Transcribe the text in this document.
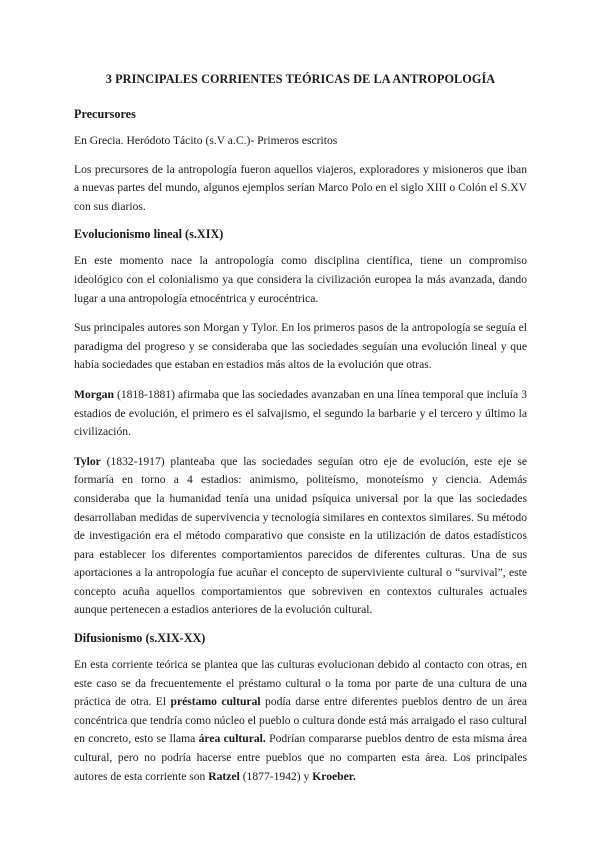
3 PRINCIPALES CORRIENTES TEÓRICAS DE LA ANTROPOLOGÍA
Precursores

En Grecia. Heródoto Tácito (s.V a.C.)- Primeros escritos

Los precursores de la antropología fueron aquellos viajeros, exploradores y misioneros que iban a nuevas partes del mundo, algunos ejemplos serían Marco Polo en el siglo XIII o Colón el S.XV con sus diarios.

Evolucionismo lineal (s.XIX)

En este momento nace la antropología como disciplina científica, tiene un compromiso ideológico con el colonialismo ya que considera la civilización europea la más avanzada, dando lugar a una antropología etnocéntrica y eurocéntrica.

Sus principales autores son Morgan y Tylor. En los primeros pasos de la antropología se seguía el paradigma del progreso y se consideraba que las sociedades seguían una evolución lineal y que había sociedades que estaban en estadios más altos de la evolución que otras.

Morgan (1818-1881) afirmaba que las sociedades avanzaban en una línea temporal que incluía 3 estadios de evolución, el primero es el salvajismo, el segundo la barbarie y el tercero y último la civilización.

Tylor (1832-1917) planteaba que las sociedades seguían otro eje de evolución, este eje se formaría en torno a 4 estadios: animismo, politeísmo, monoteísmo y ciencia. Además consideraba que la humanidad tenía una unidad psíquica universal por la que las sociedades desarrollaban medidas de supervivencia y tecnología similares en contextos similares. Su método de investigación era el método comparativo que consiste en la utilización de datos estadísticos para establecer los diferentes comportamientos parecidos de diferentes culturas. Una de sus aportaciones a la antropología fue acuñar el concepto de superviviente cultural o “survival”, este concepto acuña aquellos comportamientos que sobreviven en contextos culturales actuales aunque pertenecen a estadios anteriores de la evolución cultural.

Difusionismo (s.XIX-XX)

En esta corriente teórica se plantea que las culturas evolucionan debido al contacto con otras, en este caso se da frecuentemente el préstamo cultural o la toma por parte de una cultura de una práctica de otra. El préstamo cultural podía darse entre diferentes pueblos dentro de un área concéntrica que tendría como núcleo el pueblo o cultura donde está más arraigado el raso cultural en concreto, esto se llama área cultural. Podrían compararse pueblos dentro de esta misma área cultural, pero no podría hacerse entre pueblos que no comparten esta área. Los principales autores de esta corriente son Ratzel (1877-1942) y Kroeber.
